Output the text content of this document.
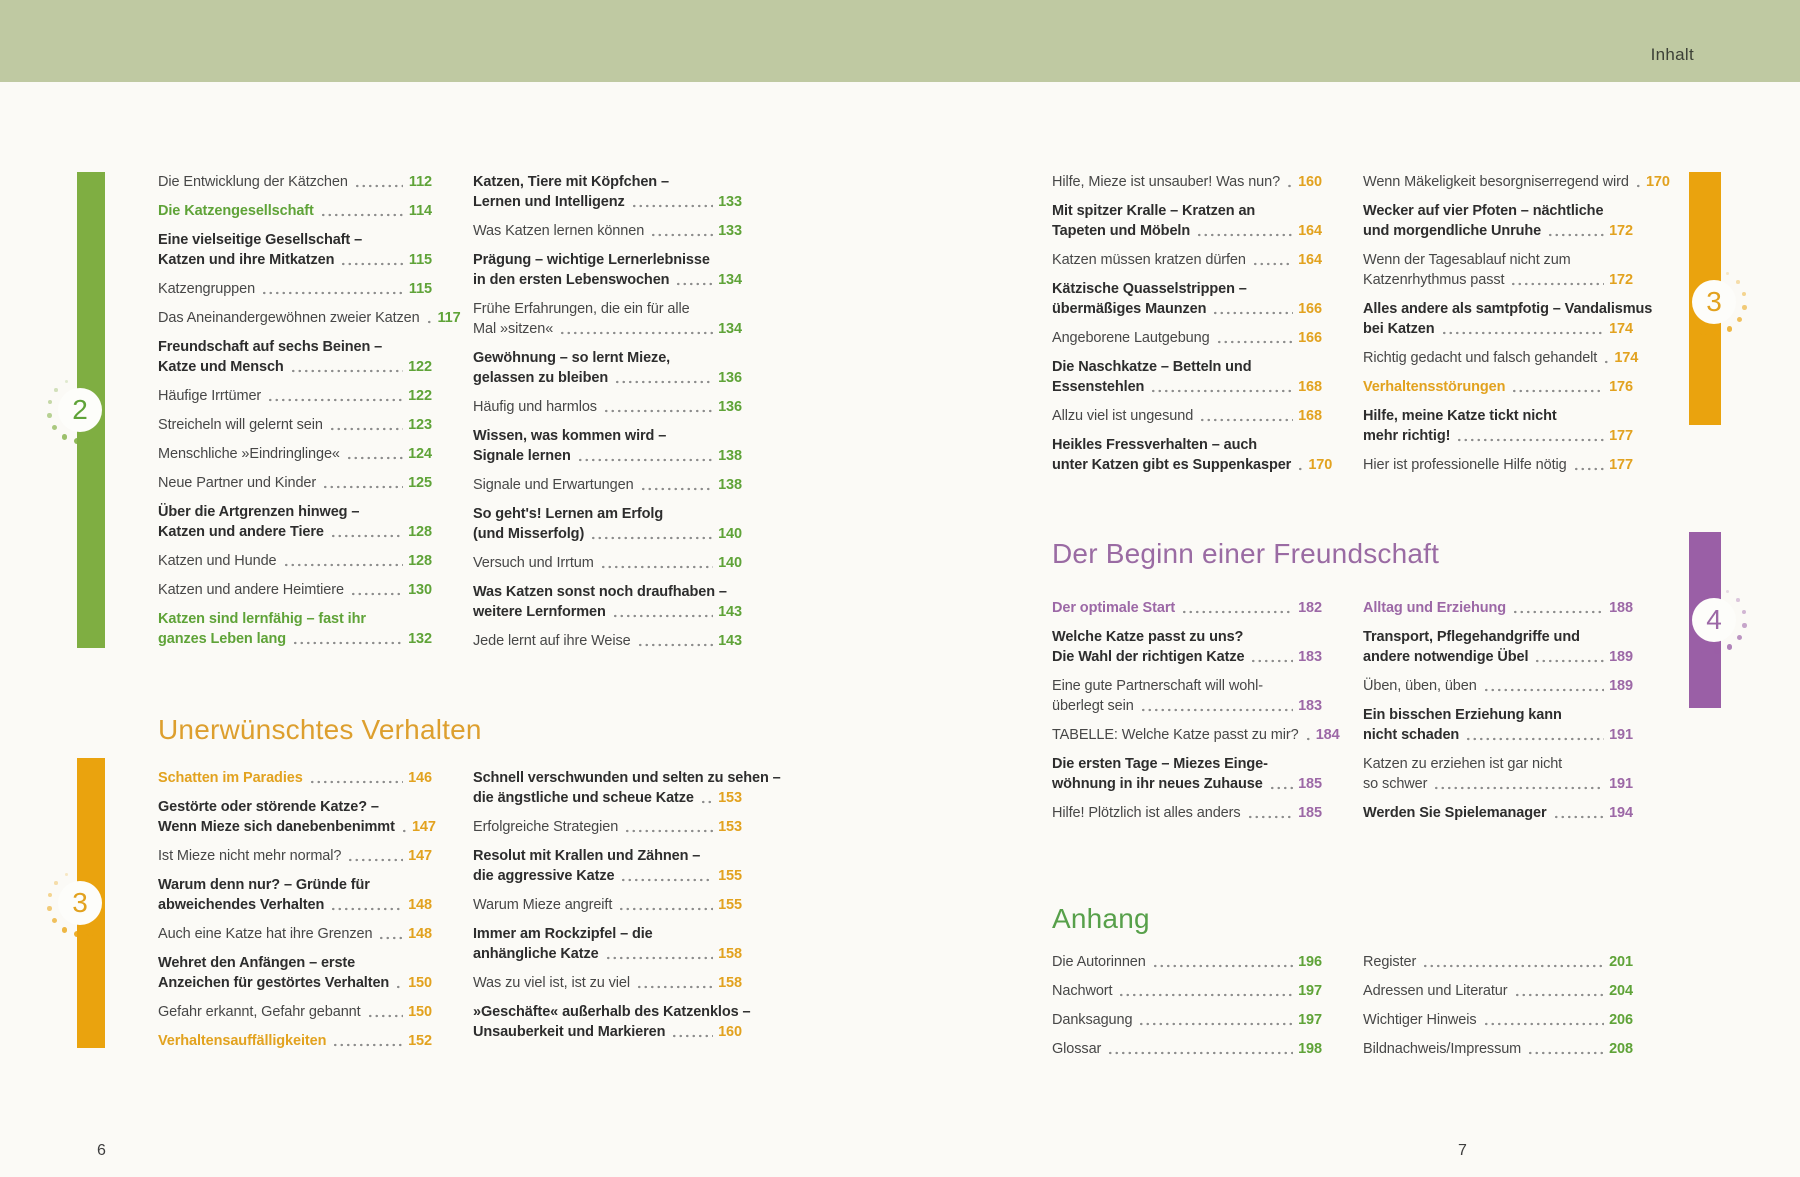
Inhalt
2
3
3
4
Die Entwicklung der Kätzchen	112
Die Katzengesellschaft	114
Eine vielseitige Gesellschaft –
Katzen und ihre Mitkatzen	115
Katzengruppen	115
Das Aneinandergewöhnen zweier Katzen 117
Freundschaft auf sechs Beinen –
Katze und Mensch	122
Häufige Irrtümer	122
Streicheln will gelernt sein	123
Menschliche »Eindringlinge«	124
Neue Partner und Kinder	125
Über die Artgrenzen hinweg –
Katzen und andere Tiere	128
Katzen und Hunde	128
Katzen und andere Heimtiere	130
Katzen sind lernfähig – fast ihr
ganzes Leben lang	132
Katzen, Tiere mit Köpfchen –
Lernen und Intelligenz	133
Was Katzen lernen können	133
Prägung – wichtige Lernerlebnisse
in den ersten Lebenswochen	134
Frühe Erfahrungen, die ein für alle
Mal »sitzen«	134
Gewöhnung – so lernt Mieze,
gelassen zu bleiben	136
Häufig und harmlos	136
Wissen, was kommen wird –
Signale lernen	138
Signale und Erwartungen	138
So geht's! Lernen am Erfolg
(und Misserfolg)	140
Versuch und Irrtum	140
Was Katzen sonst noch draufhaben –
weitere Lernformen	143
Jede lernt auf ihre Weise	143
Unerwünschtes Verhalten
Schatten im Paradies	146
Gestörte oder störende Katze? –
Wenn Mieze sich danebenbenimmt 147
Ist Mieze nicht mehr normal?	147
Warum denn nur? – Gründe für
abweichendes Verhalten	148
Auch eine Katze hat ihre Grenzen 148
Wehret den Anfängen – erste
Anzeichen für gestörtes Verhalten 150
Gefahr erkannt, Gefahr gebannt	150
Verhaltensauffälligkeiten	152
Schnell verschwunden und selten zu sehen –
die ängstliche und scheue Katze 153
Erfolgreiche Strategien	153
Resolut mit Krallen und Zähnen –
die aggressive Katze	155
Warum Mieze angreift	155
Immer am Rockzipfel – die
anhängliche Katze	158
Was zu viel ist, ist zu viel	158
»Geschäfte« außerhalb des Katzenklos –
Unsauberkeit und Markieren	160
Hilfe, Mieze ist unsauber! Was nun? 160
Mit spitzer Kralle – Kratzen an
Tapeten und Möbeln	164
Katzen müssen kratzen dürfen	164
Kätzische Quasselstrippen –
übermäßiges Maunzen	166
Angeborene Lautgebung	166
Die Naschkatze – Betteln und
Essenstehlen	168
Allzu viel ist ungesund	168
Heikles Fressverhalten – auch
unter Katzen gibt es Suppenkasper 170
Wenn Mäkeligkeit besorgniserregend wird 170
Wecker auf vier Pfoten – nächtliche
und morgendliche Unruhe	172
Wenn der Tagesablauf nicht zum
Katzenrhythmus passt	172
Alles andere als samtpfotig – Vandalismus
bei Katzen	174
Richtig gedacht und falsch gehandelt 174
Verhaltensstörungen	176
Hilfe, meine Katze tickt nicht
mehr richtig!	177
Hier ist professionelle Hilfe nötig	177
Der Beginn einer Freundschaft
Der optimale Start	182
Welche Katze passt zu uns?
Die Wahl der richtigen Katze	183
Eine gute Partnerschaft will wohl-
überlegt sein	183
TABELLE: Welche Katze passt zu mir? 184
Die ersten Tage – Miezes Einge-
wöhnung in ihr neues Zuhause 185
Hilfe! Plötzlich ist alles anders	185
Alltag und Erziehung	188
Transport, Pflegehandgriffe und
andere notwendige Übel	189
Üben, üben, üben	189
Ein bisschen Erziehung kann
nicht schaden	191
Katzen zu erziehen ist gar nicht
so schwer	191
Werden Sie Spielemanager	194
Anhang
Die Autorinnen	196
Nachwort	197
Danksagung	197
Glossar	198
Register	201
Adressen und Literatur	204
Wichtiger Hinweis	206
Bildnachweis/Impressum	208
6	7
